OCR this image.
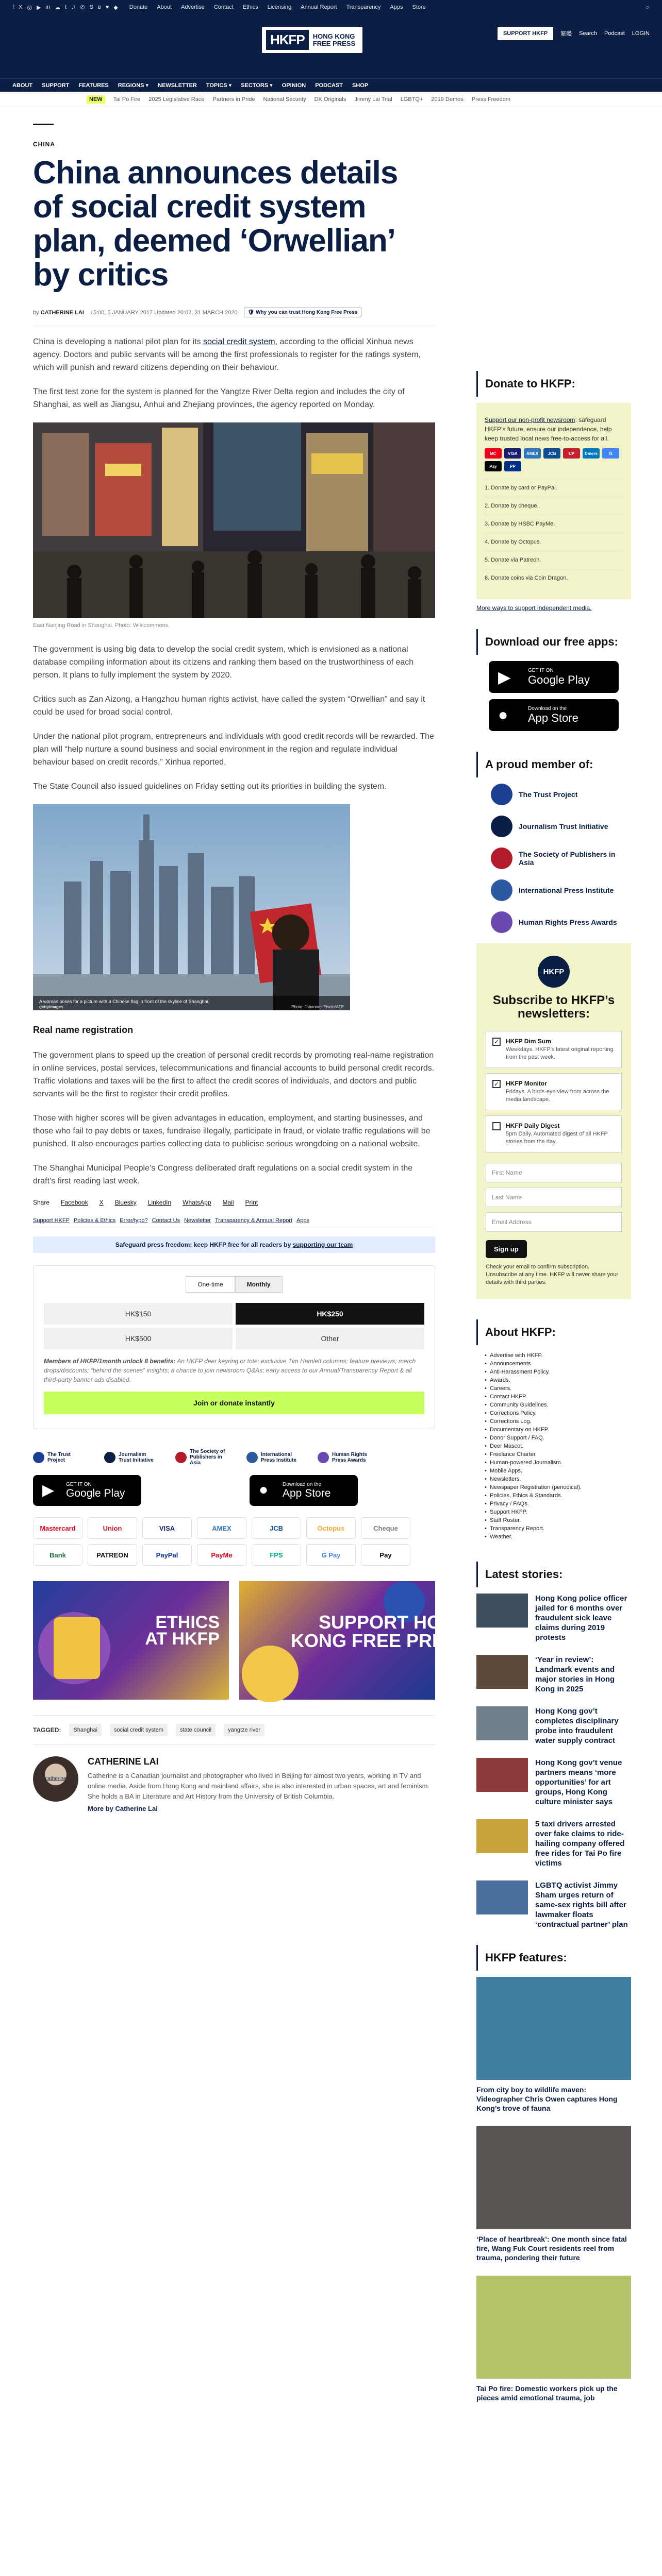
f X ◎ ▶ in ☁ t ♫ ✆ S ʙ ♥ ◆ Donate About Advertise Contact Ethics Licensing Annual Report Transparency Apps Store	⌕
HKFP	HONG KONG FREE PRESS
SUPPORT HKFP	繁體 Search Podcast LOGIN
ABOUT SUPPORT FEATURES REGIONS ▾ NEWSLETTER TOPICS ▾ SECTORS ▾ OPINION PODCAST SHOP
NEW	Tai Po Fire 2025 Legislative Race Partners in Pride National Security DK Originals Jimmy Lai Trial LGBTQ+ 2019 Demos Press Freedom
CHINA
China announces details of social credit system plan, deemed ‘Orwellian’ by critics
by CATHERINE LAI 15:00, 5 JANUARY 2017 Updated 20:02, 31 MARCH 2020	🛡 Why you can trust Hong Kong Free Press

China is developing a national pilot plan for its social credit system, according to the official Xinhua news agency. Doctors and public servants will be among the first professionals to register for the ratings system, which will punish and reward citizens depending on their behaviour.

The first test zone for the system is planned for the Yangtze River Delta region and includes the city of Shanghai, as well as Jiangsu, Anhui and Zhejiang provinces, the agency reported on Monday.

East Nanjing Road in Shanghai. Photo: Wikicommons.

The government is using big data to develop the social credit system, which is envisioned as a national database compiling information about its citizens and ranking them based on the trustworthiness of each person. It plans to fully implement the system by 2020.

Critics such as Zan Aizong, a Hangzhou human rights activist, have called the system “Orwellian” and say it could be used for broad social control.

Under the national pilot program, entrepreneurs and individuals with good credit records will be rewarded. The plan will “help nurture a sound business and social environment in the region and regulate individual behaviour based on credit records,” Xinhua reported.

The State Council also issued guidelines on Friday setting out its priorities in building the system.

A woman poses for a picture with a Chinese flag in front of the skyline of Shanghai.
gettyimages	Photo: Johannes Eisele/AFP
Real name registration

The government plans to speed up the creation of personal credit records by promoting real-name registration in online services, postal services, telecommunications and financial accounts to build personal credit records. Traffic violations and taxes will be the first to affect the credit scores of individuals, and doctors and public servants will be the first to register their credit profiles.

Those with higher scores will be given advantages in education, employment, and starting businesses, and those who fail to pay debts or taxes, fundraise illegally, participate in fraud, or violate traffic regulations will be punished. It also encourages parties collecting data to publicise serious wrongdoing on a national website.

The Shanghai Municipal People’s Congress deliberated draft regulations on a social credit system in the draft’s first reading last week.

Share Facebook X Bluesky LinkedIn WhatsApp Mail Print
Support HKFP Policies & Ethics Error/typo? Contact Us Newsletter Transparency & Annual Report Apps
Safeguard press freedom; keep HKFP free for all readers by supporting our team
One-time	Monthly
HK$150	HK$250
HK$500	Other

Members of HKFP/1month unlock 8 benefits: An HKFP deer keyring or tote; exclusive Tim Hamlett columns; feature previews; merch drops/discounts; “behind the scenes” insights; a chance to join newsroom Q&As; early access to our Annual/Transparency Report & all third-party banner ads disabled.

Join or donate instantly
The Trust Project
Journalism Trust Initiative
The Society of Publishers in Asia
International Press Institute
Human Rights Press Awards
▶ GET IT ON
Google Play	●	Download on the
App Store
Mastercard	Union	VISA	AMEX	JCB	Octopus	Cheque
Bank	PATREON	PayPal	PayMe	FPS	G Pay	Pay
ETHICS
AT HKFP
SUPPORT HONG
KONG FREE PRESS
TAGGED:	Shanghai	social credit system	state council	yangtze river
catherine
CATHERINE LAI
Catherine is a Canadian journalist and photographer who lived in Beijing for almost two years, working in TV and online media. Aside from Hong Kong and mainland affairs, she is also interested in urban spaces, art and feminism. She holds a BA in Literature and Art History from the University of British Columbia.
More by Catherine Lai
Donate to HKFP:

Support our non-profit newsroom: safeguard HKFP’s future, ensure our independence, help keep trusted local news free-to-access for all.

MC	VISA	AMEX	JCB	UP	Diners	G
Pay	PP
1. Donate by card or PayPal.
2. Donate by cheque.
3. Donate by HSBC PayMe.
4. Donate by Octopus.
5. Donate via Patreon.
6. Donate coins via Coin Dragon.
More ways to support independent media.
Download our free apps:
▶	GET IT ON
Google Play
●	Download on the
App Store
A proud member of:
The Trust Project
Journalism Trust Initiative
The Society of Publishers in Asia
International Press Institute
Human Rights Press Awards
HKFP
Subscribe to HKFP’s newsletters:
✓ HKFP Dim Sum
Weekdays. HKFP’s latest original reporting from the past week.
✓ HKFP Monitor
Fridays. A birds-eye view from across the media landscape.
HKFP Daily Digest
5pm Daily. Automated digest of all HKFP stories from the day.
First Name
Last Name
Email Address
Sign up
Check your email to confirm subscription. Unsubscribe at any time. HKFP will never share your details with third parties.
About HKFP:
• Advertise with HKFP.
• Announcements.
• Anti-Harassment Policy.
• Awards.
• Careers.
• Contact HKFP.
• Community Guidelines.
• Corrections Policy.
• Corrections Log.
• Documentary on HKFP.
• Donor Support / FAQ.
• Deer Mascot.
• Freelance Charter.
• Human-powered Journalism.
• Mobile Apps.
• Newsletters.
• Newspaper Registration (periodical).
• Policies, Ethics & Standards.
• Privacy / FAQs.
• Support HKFP.
• Staff Roster.
• Transparency Report.
• Weather.
Latest stories:
Hong Kong police officer jailed for 6 months over fraudulent sick leave claims during 2019 protests
‘Year in review’: Landmark events and major stories in Hong Kong in 2025
Hong Kong gov’t completes disciplinary probe into fraudulent water supply contract
Hong Kong gov’t venue partners means ‘more opportunities’ for art groups, Hong Kong culture minister says
5 taxi drivers arrested over fake claims to ride-hailing company offered free rides for Tai Po fire victims
LGBTQ activist Jimmy Sham urges return of same-sex rights bill after lawmaker floats ‘contractual partner’ plan
HKFP features:
From city boy to wildlife maven: Videographer Chris Owen captures Hong Kong’s trove of fauna
‘Place of heartbreak’: One month since fatal fire, Wang Fuk Court residents reel from trauma, pondering their future
Tai Po fire: Domestic workers pick up the pieces amid emotional trauma, job
